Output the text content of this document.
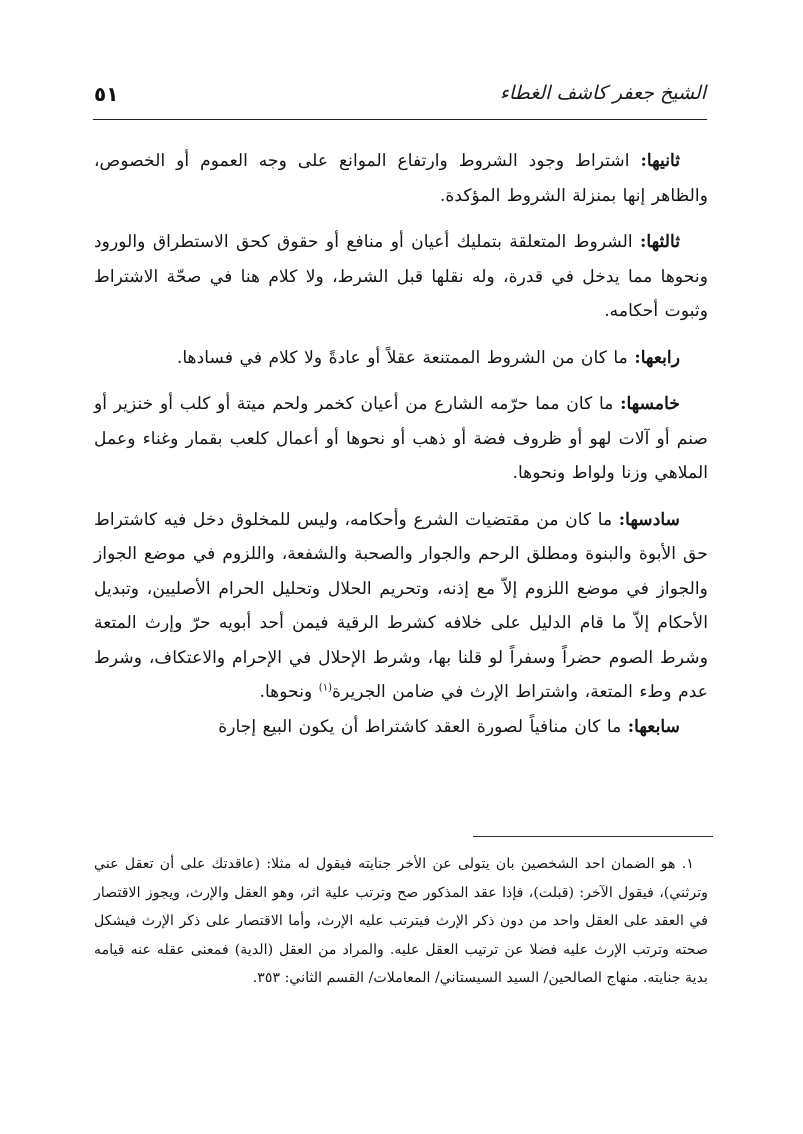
الشيخ جعفر كاشف الغطاء
٥١

ثانيها: اشتراط وجود الشروط وارتفاع الموانع على وجه العموم أو الخصوص، والظاهر إنها بمنزلة الشروط المؤكدة.

ثالثها: الشروط المتعلقة بتمليك أعيان أو منافع أو حقوق كحق الاستطراق والورود ونحوها مما يدخل في قدرة، وله نقلها قبل الشرط، ولا كلام هنا في صحّة الاشتراط وثبوت أحكامه.

رابعها: ما كان من الشروط الممتنعة عقلاً أو عادةً ولا كلام في فسادها.

خامسها: ما كان مما حرّمه الشارع من أعيان كخمر ولحم ميتة أو كلب أو خنزير أو صنم أو آلات لهو أو ظروف فضة أو ذهب أو نحوها أو أعمال كلعب بقمار وغناء وعمل الملاهي وزنا ولواط ونحوها.

سادسها: ما كان من مقتضيات الشرع وأحكامه، وليس للمخلوق دخل فيه كاشتراط حق الأبوة والبنوة ومطلق الرحم والجوار والصحبة والشفعة، واللزوم في موضع الجواز والجواز في موضع اللزوم إلاّ مع إذنه، وتحريم الحلال وتحليل الحرام الأصليين، وتبديل الأحكام إلاّ ما قام الدليل على خلافه كشرط الرقية فيمن أحد أبويه حرّ وإرث المتعة وشرط الصوم حضراً وسفراً لو قلنا بها، وشرط الإحلال في الإحرام والاعتكاف، وشرط عدم وطء المتعة، واشتراط الإرث في ضامن الجريرة$^{(١)}$ ونحوها.

سابعها: ما كان منافياً لصورة العقد كاشتراط أن يكون البيع إجارة

١. هو الضمان احد الشخصين بان يتولى عن الأخر جنايته فيقول له مثلا: (عاقدتك على أن تعقل عني وترثني)، فيقول الآخر: (قبلت)، فإذا عقد المذكور صح وترتب علية اثر، وهو العقل والإرث، ويجوز الاقتصار في العقد على العقل واحد من دون ذكر الإرث فيترتب عليه الإرث، وأما الاقتصار على ذكر الإرث فيشكل صحته وترتب الإرث عليه فضلا عن ترتيب العقل عليه. والمراد من العقل (الدية) فمعنى عقله عنه قيامه بدية جنايته. منهاج الصالحين/ السيد السيستاني/ المعاملات/ القسم الثاني: ٣٥٣.
